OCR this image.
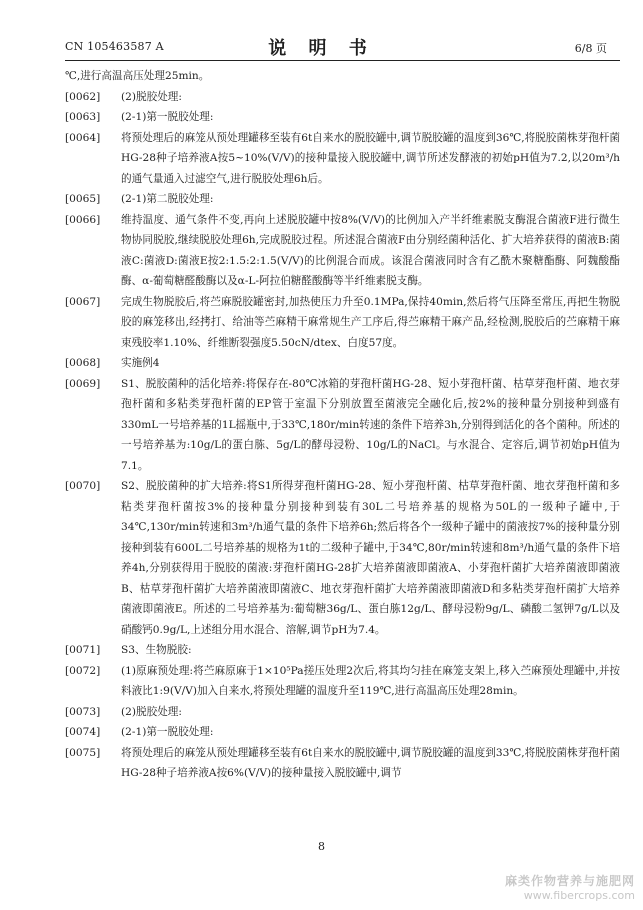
CN 105463587 A	说 明 书	6/8 页
℃,进行高温高压处理25min。
[0062] (2)脱胶处理:
[0063] (2-1)第一脱胶处理:
[0064] 将预处理后的麻笼从预处理罐移至装有6t自来水的脱胶罐中,调节脱胶罐的温度到36℃,将脱胶菌株芽孢杆菌HG-28种子培养液A按5~10%(V/V)的接种量接入脱胶罐中,调节所述发酵液的初始pH值为7.2,以20m³/h的通气量通入过滤空气,进行脱胶处理6h后。
[0065] (2-1)第二脱胶处理:
[0066] 维持温度、通气条件不变,再向上述脱胶罐中按8%(V/V)的比例加入产半纤维素脱支酶混合菌液F进行微生物协同脱胶,继续脱胶处理6h,完成脱胶过程。所述混合菌液F由分别经菌种活化、扩大培养获得的菌液B:菌液C:菌液D:菌液E按2:1.5:2:1.5(V/V)的比例混合而成。该混合菌液同时含有乙酰木聚糖酯酶、阿魏酸酯酶、α-葡萄糖醛酸酶以及α-L-阿拉伯糖醛酸酶等半纤维素脱支酶。
[0067] 完成生物脱胶后,将苎麻脱胶罐密封,加热使压力升至0.1MPa,保持40min,然后将气压降至常压,再把生物脱胶的麻笼移出,经拷打、给油等苎麻精干麻常规生产工序后,得苎麻精干麻产品,经检测,脱胶后的苎麻精干麻束残胶率1.10%、纤维断裂强度5.50cN/dtex、白度57度。
[0068] 实施例4
[0069] S1、脱胶菌种的活化培养:将保存在-80℃冰箱的芽孢杆菌HG-28、短小芽孢杆菌、枯草芽孢杆菌、地衣芽孢杆菌和多粘类芽孢杆菌的EP管于室温下分别放置至菌液完全融化后,按2%的接种量分别接种到盛有330mL一号培养基的1L摇瓶中,于33℃,180r/min转速的条件下培养3h,分别得到活化的各个菌种。所述的一号培养基为:10g/L的蛋白胨、5g/L的酵母浸粉、10g/L的NaCl。与水混合、定容后,调节初始pH值为7.1。
[0070] S2、脱胶菌种的扩大培养:将S1所得芽孢杆菌HG-28、短小芽孢杆菌、枯草芽孢杆菌、地衣芽孢杆菌和多粘类芽孢杆菌按3%的接种量分别接种到装有30L二号培养基的规格为50L的一级种子罐中,于34℃,130r/min转速和3m³/h通气量的条件下培养6h;然后将各个一级种子罐中的菌液按7%的接种量分别接种到装有600L二号培养基的规格为1t的二级种子罐中,于34℃,80r/min转速和8m³/h通气量的条件下培养4h,分别获得用于脱胶的菌液:芽孢杆菌HG-28扩大培养菌液即菌液A、小芽孢杆菌扩大培养菌液即菌液B、枯草芽孢杆菌扩大培养菌液即菌液C、地衣芽孢杆菌扩大培养菌液即菌液D和多粘类芽孢杆菌扩大培养菌液即菌液E。所述的二号培养基为:葡萄糖36g/L、蛋白胨12g/L、酵母浸粉9g/L、磷酸二氢钾7g/L以及硝酸钙0.9g/L,上述组分用水混合、溶解,调节pH为7.4。
[0071] S3、生物脱胶:
[0072] (1)原麻预处理:将苎麻原麻于1×10⁵Pa搓压处理2次后,将其均匀挂在麻笼支架上,移入苎麻预处理罐中,并按料液比1:9(V/V)加入自来水,将预处理罐的温度升至119℃,进行高温高压处理28min。
[0073] (2)脱胶处理:
[0074] (2-1)第一脱胶处理:
[0075] 将预处理后的麻笼从预处理罐移至装有6t自来水的脱胶罐中,调节脱胶罐的温度到33℃,将脱胶菌株芽孢杆菌HG-28种子培养液A按6%(V/V)的接种量接入脱胶罐中,调节
8
麻类作物营养与施肥网
www.fibercrops.com
